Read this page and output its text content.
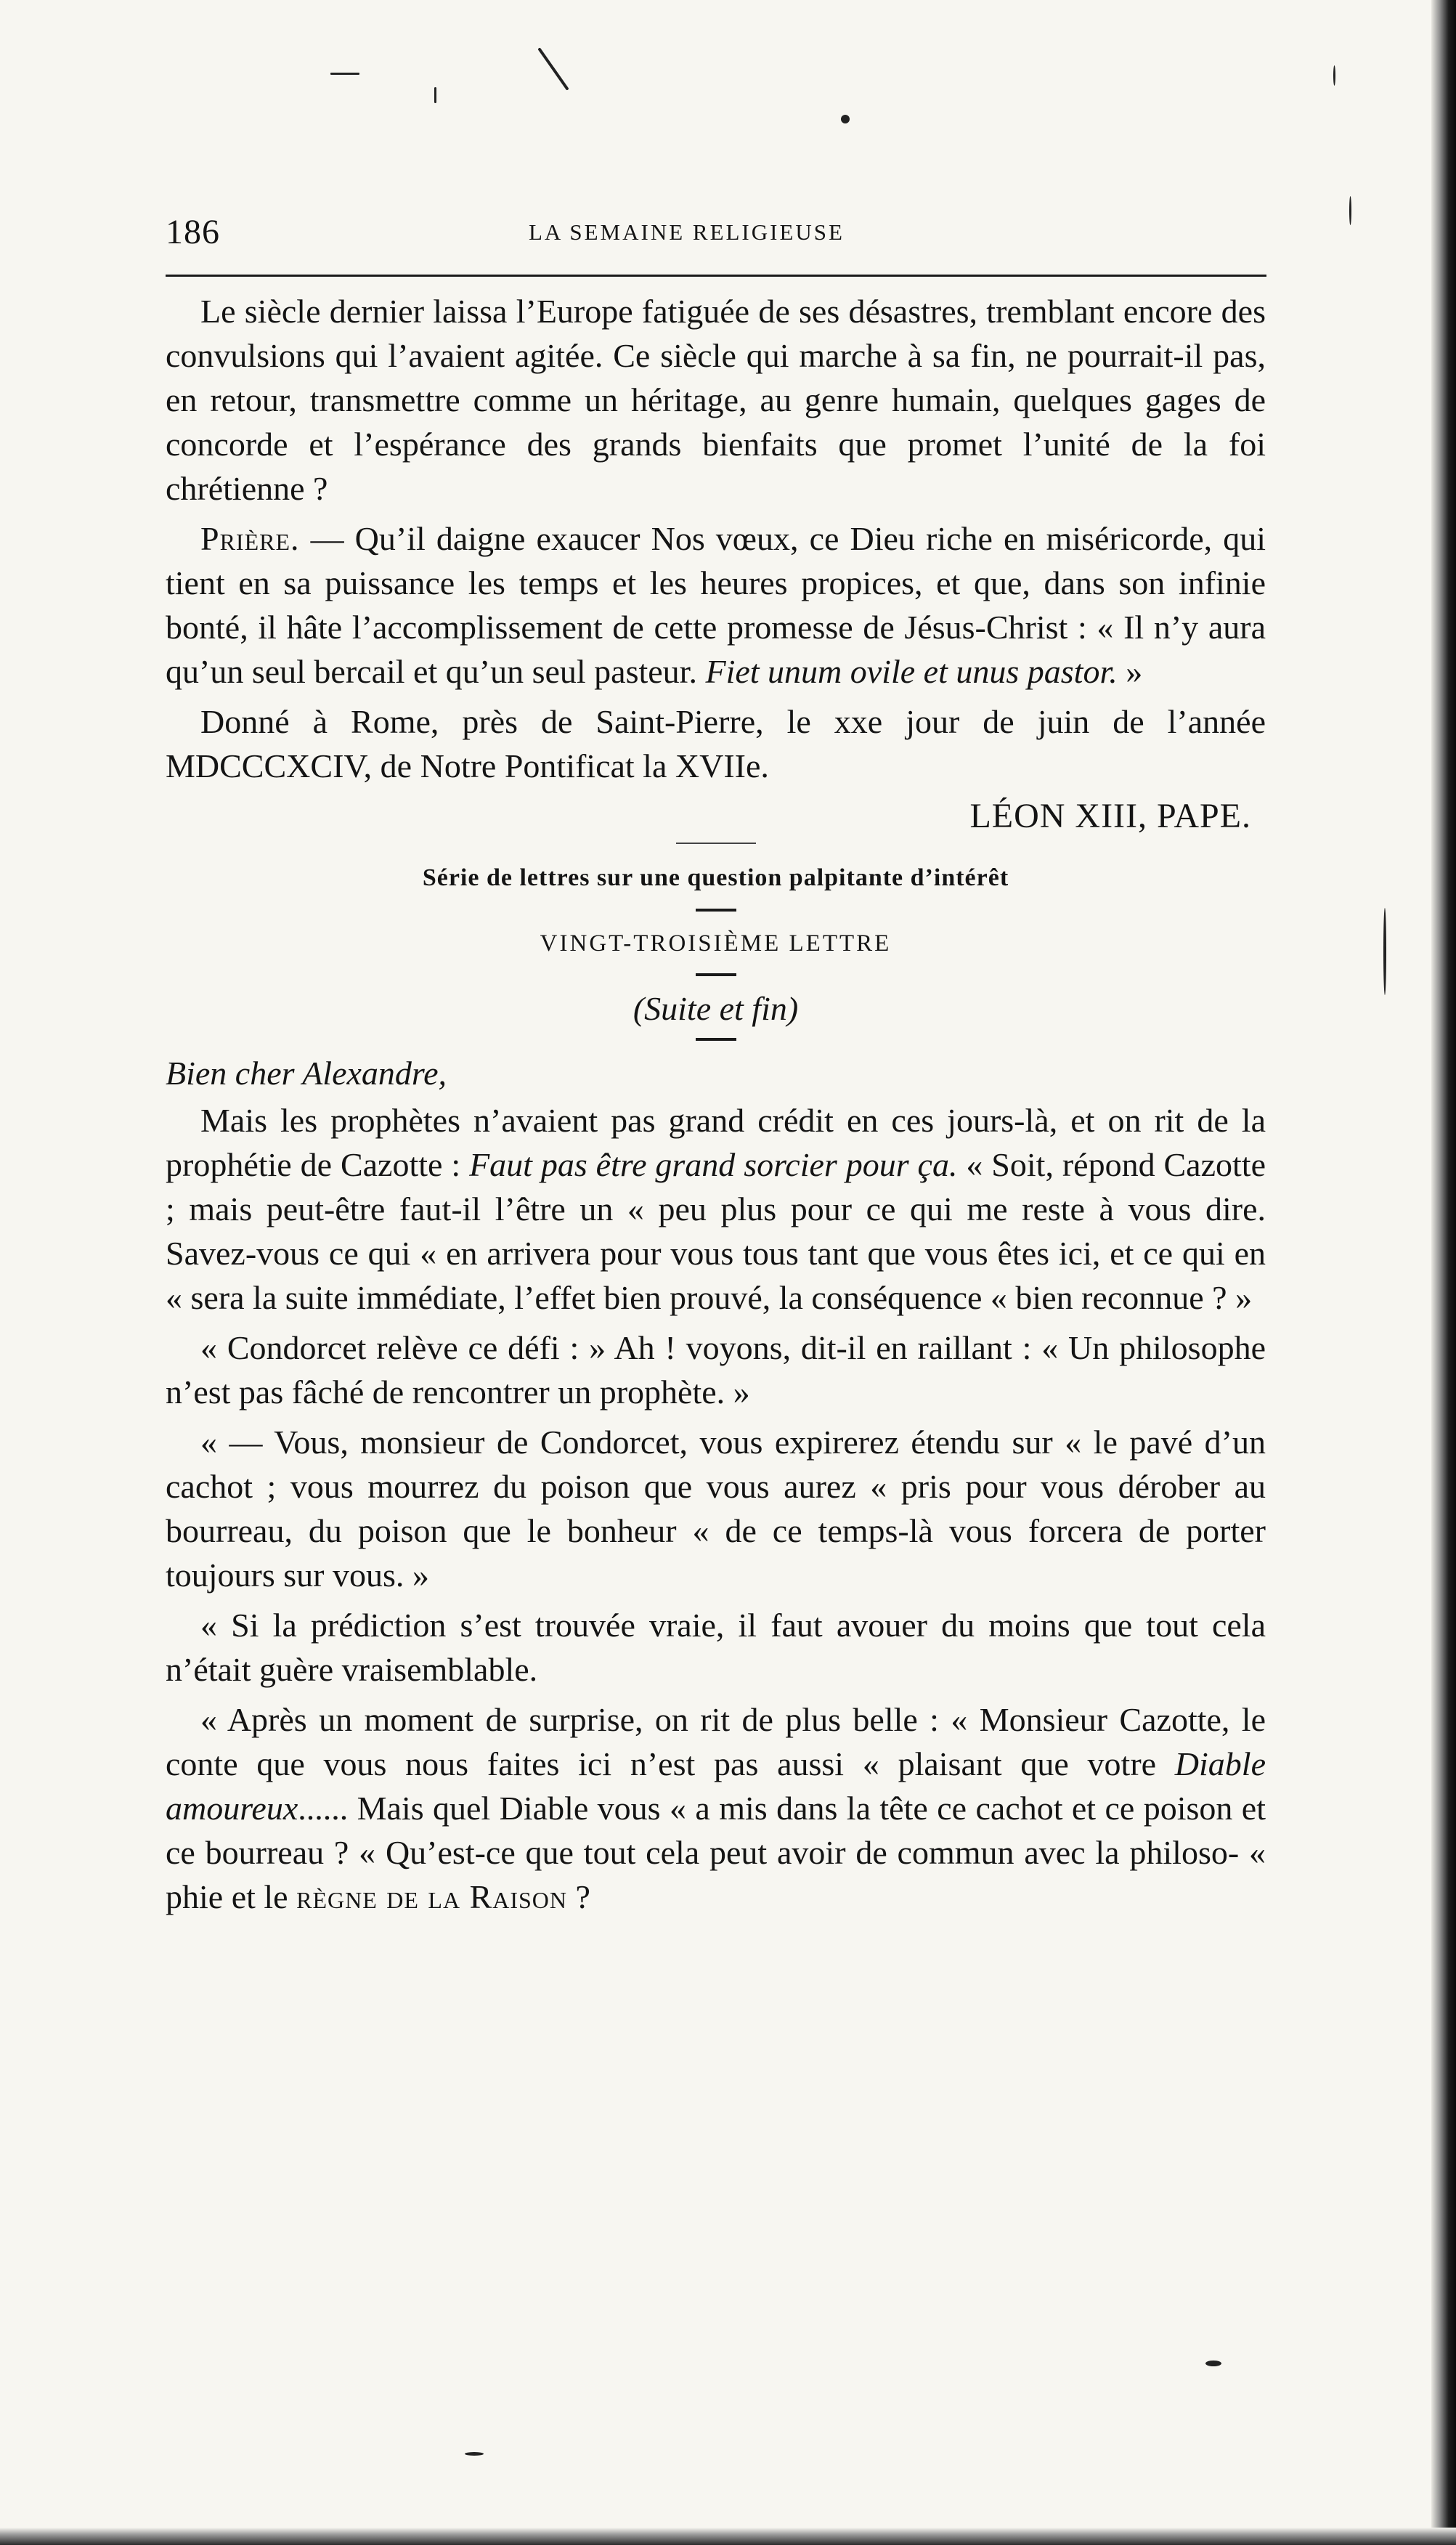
186	LA SEMAINE RELIGIEUSE

Le siècle dernier laissa l’Europe fatiguée de ses désastres, tremblant encore des convulsions qui l’avaient agitée. Ce siècle qui marche à sa fin, ne pourrait-il pas, en retour, transmettre comme un héritage, au genre humain, quelques gages de concorde et l’espérance des grands bienfaits que promet l’unité de la foi chrétienne ?

Prière. — Qu’il daigne exaucer Nos vœux, ce Dieu riche en miséricorde, qui tient en sa puissance les temps et les heures propices, et que, dans son infinie bonté, il hâte l’accomplissement de cette promesse de Jésus-Christ : « Il n’y aura qu’un seul bercail et qu’un seul pasteur. Fiet unum ovile et unus pastor. »

Donné à Rome, près de Saint-Pierre, le xxe jour de juin de l’année MDCCCXCIV, de Notre Pontificat la XVIIe.

LÉON XIII, PAPE.

Série de lettres sur une question palpitante d’intérêt

VINGT-TROISIÈME LETTRE

(Suite et fin)

Bien cher Alexandre,

Mais les prophètes n’avaient pas grand crédit en ces jours-là, et on rit de la prophétie de Cazotte : Faut pas être grand sorcier pour ça. « Soit, répond Cazotte ; mais peut-être faut-il l’être un « peu plus pour ce qui me reste à vous dire. Savez-vous ce qui « en arrivera pour vous tous tant que vous êtes ici, et ce qui en « sera la suite immédiate, l’effet bien prouvé, la conséquence « bien reconnue ? »

« Condorcet relève ce défi : » Ah ! voyons, dit-il en raillant : « Un philosophe n’est pas fâché de rencontrer un prophète. »

« — Vous, monsieur de Condorcet, vous expirerez étendu sur « le pavé d’un cachot ; vous mourrez du poison que vous aurez « pris pour vous dérober au bourreau, du poison que le bonheur « de ce temps-là vous forcera de porter toujours sur vous. »

« Si la prédiction s’est trouvée vraie, il faut avouer du moins que tout cela n’était guère vraisemblable.

« Après un moment de surprise, on rit de plus belle : « Monsieur Cazotte, le conte que vous nous faites ici n’est pas aussi « plaisant que votre Diable amoureux...... Mais quel Diable vous « a mis dans la tête ce cachot et ce poison et ce bourreau ? « Qu’est-ce que tout cela peut avoir de commun avec la philoso- « phie et le règne de la Raison ?
